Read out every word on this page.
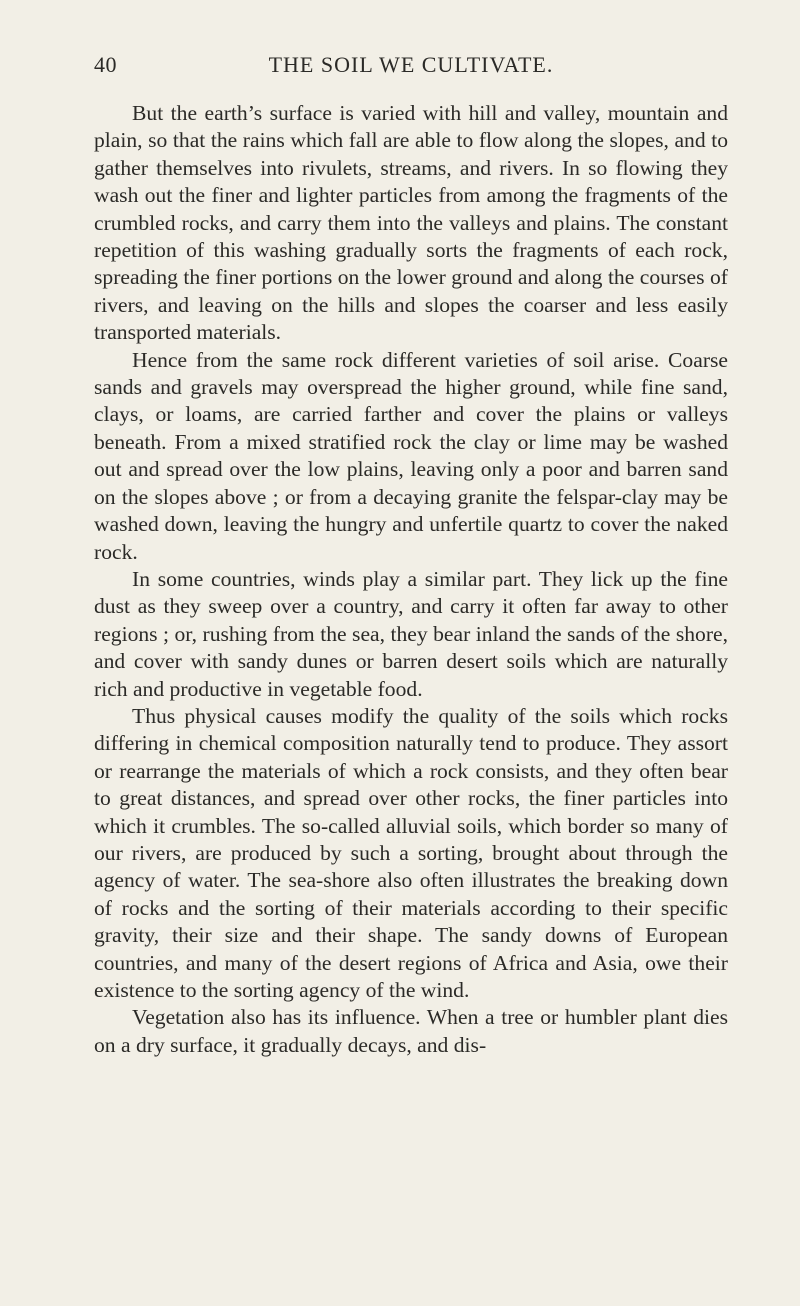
40	THE SOIL WE CULTIVATE.

But the earth’s surface is varied with hill and valley, mountain and plain, so that the rains which fall are able to flow along the slopes, and to gather themselves into rivulets, streams, and rivers. In so flowing they wash out the finer and lighter particles from among the fragments of the crumbled rocks, and carry them into the valleys and plains. The constant repetition of this washing gradually sorts the fragments of each rock, spreading the finer portions on the lower ground and along the courses of rivers, and leaving on the hills and slopes the coarser and less easily transported materials.

Hence from the same rock different varieties of soil arise. Coarse sands and gravels may overspread the higher ground, while fine sand, clays, or loams, are carried farther and cover the plains or valleys beneath. From a mixed stratified rock the clay or lime may be washed out and spread over the low plains, leaving only a poor and barren sand on the slopes above ; or from a decaying granite the felspar-clay may be washed down, leaving the hungry and unfertile quartz to cover the naked rock.

In some countries, winds play a similar part. They lick up the fine dust as they sweep over a country, and carry it often far away to other regions ; or, rushing from the sea, they bear inland the sands of the shore, and cover with sandy dunes or barren desert soils which are naturally rich and productive in vegetable food.

Thus physical causes modify the quality of the soils which rocks differing in chemical composition naturally tend to produce. They assort or rearrange the materials of which a rock consists, and they often bear to great distances, and spread over other rocks, the finer particles into which it crumbles. The so-called alluvial soils, which border so many of our rivers, are produced by such a sorting, brought about through the agency of water. The sea-shore also often illustrates the breaking down of rocks and the sorting of their materials according to their specific gravity, their size and their shape. The sandy downs of European countries, and many of the desert regions of Africa and Asia, owe their existence to the sorting agency of the wind.

Vegetation also has its influence. When a tree or humbler plant dies on a dry surface, it gradually decays, and dis-
